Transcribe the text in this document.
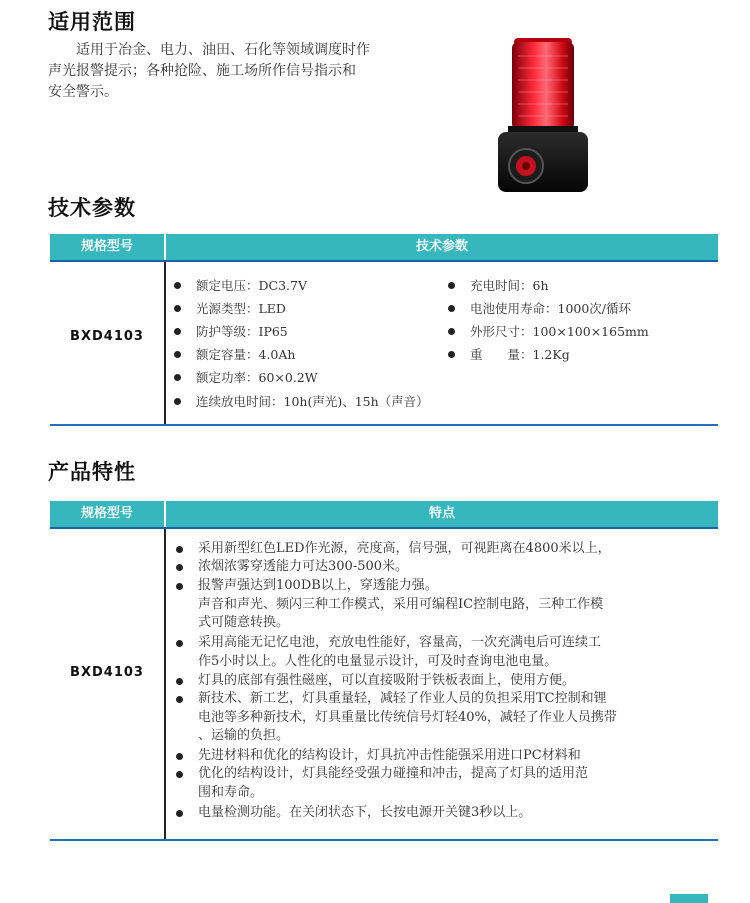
适用范围

适用于冶金、电力、油田、石化等领域调度时作
声光报警提示；各种抢险、施工场所作信号指示和
安全警示。

技术参数
规格型号	技术参数
BXD4103
额定电压：DC3.7V
光源类型：LED
防护等级：IP65
额定容量：4.0Ah
额定功率：60×0.2W
连续放电时间：10h(声光)、15h（声音）
充电时间：6h
电池使用寿命：1000次/循环
外形尺寸：100×100×165mm
重　　量：1.2Kg
产品特性
规格型号	特点
BXD4103
采用新型红色LED作光源，亮度高，信号强，可视距离在4800米以上，
浓烟浓雾穿透能力可达300-500米。
报警声强达到100DB以上，穿透能力强。
声音和声光、频闪三种工作模式，采用可编程IC控制电路，三种工作模
式可随意转换。
采用高能无记忆电池，充放电性能好，容量高，一次充满电后可连续工
作5小时以上。人性化的电量显示设计，可及时查询电池电量。
灯具的底部有强性磁座，可以直接吸附于铁板表面上，使用方便。
新技术、新工艺，灯具重量轻，减轻了作业人员的负担采用TC控制和锂
电池等多种新技术，灯具重量比传统信号灯轻40%，减轻了作业人员携带
、运输的负担。
先进材料和优化的结构设计，灯具抗冲击性能强采用进口PC材料和
优化的结构设计，灯具能经受强力碰撞和冲击，提高了灯具的适用范
围和寿命。
电量检测功能。在关闭状态下，长按电源开关键3秒以上。
